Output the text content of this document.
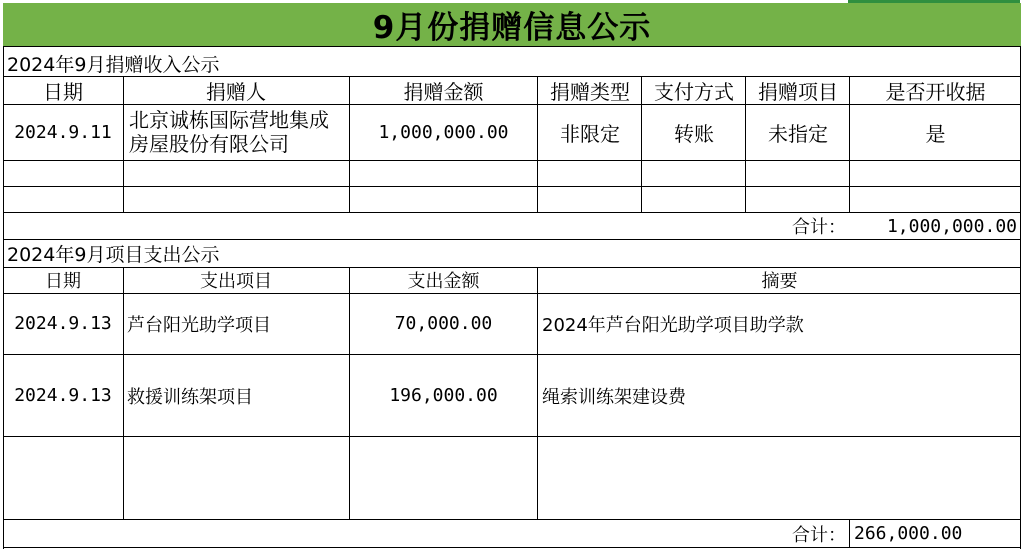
9月份捐赠信息公示
2024年9月捐赠收入公示
日期	捐赠人	捐赠金额	捐赠类型	支付方式	捐赠项目	是否开收据
2024.9.11 北京诚栋国际营地集成房屋股份有限公司	1,000,000.00	非限定	转账	未指定	是
合计：	1,000,000.00
2024年9月项目支出公示
日期	支出项目	支出金额	摘要
2024.9.13 芦台阳光助学项目	70,000.00	2024年芦台阳光助学项目助学款
2024.9.13 救援训练架项目	196,000.00	绳索训练架建设费
合计： 266,000.00
